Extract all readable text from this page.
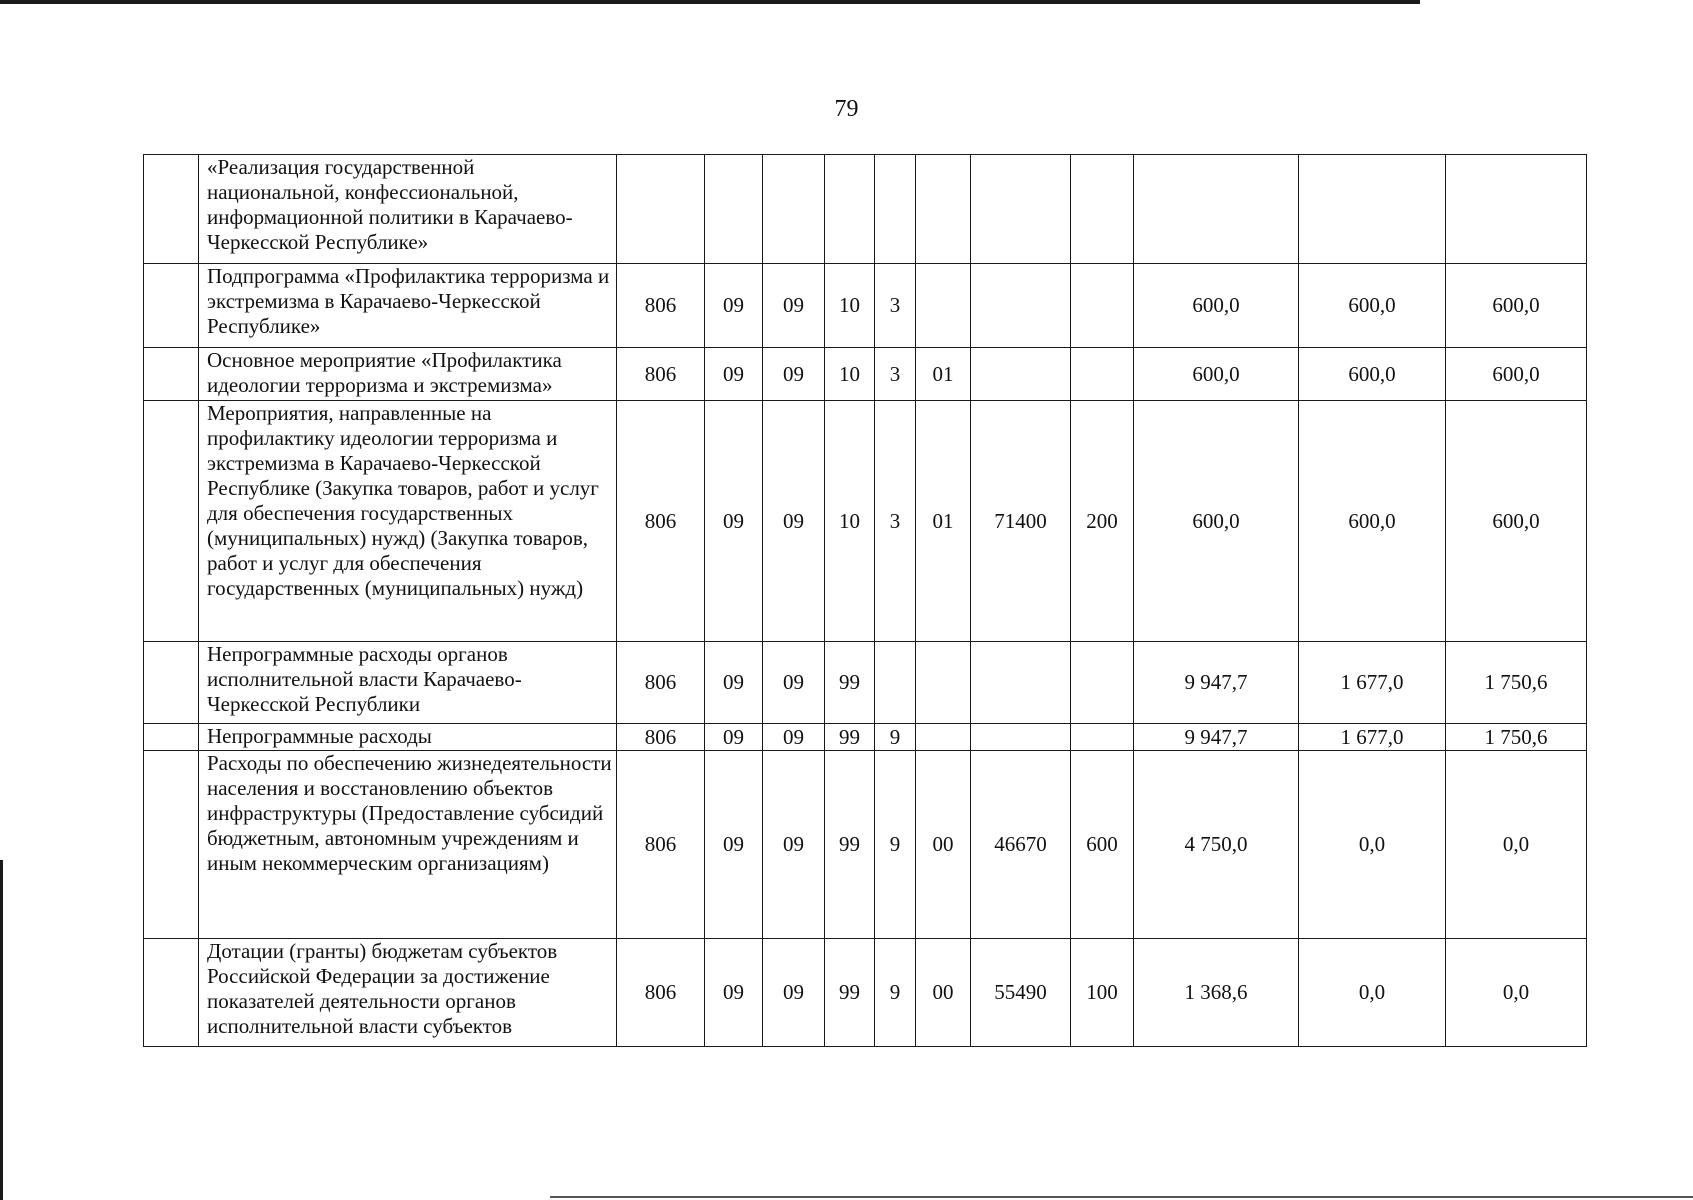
79
	«Реализация государственной национальной, конфессиональной, информационной политики в Карачаево-Черкесской Республике»											
	Подпрограмма «Профилактика терроризма и экстремизма в Карачаево-Черкесской Республике»	806	09	09	10	3				600,0	600,0	600,0
	Основное мероприятие «Профилактика идеологии терроризма и экстремизма»	806	09	09	10	3	01			600,0	600,0	600,0
	Мероприятия, направленные на профилактику идеологии терроризма и экстремизма в Карачаево-Черкесской Республике (Закупка товаров, работ и услуг для обеспечения государственных (муниципальных) нужд) (Закупка товаров, работ и услуг для обеспечения государственных (муниципальных) нужд)	806	09	09	10	3	01	71400	200	600,0	600,0	600,0
	Непрограммные расходы органов исполнительной власти Карачаево-Черкесской Республики	806	09	09	99					9 947,7	1 677,0	1 750,6
	Непрограммные расходы	806	09	09	99	9				9 947,7	1 677,0	1 750,6
	Расходы по обеспечению жизнедеятельности населения и восстановлению объектов инфраструктуры (Предоставление субсидий бюджетным, автономным учреждениям и иным некоммерческим организациям)	806	09	09	99	9	00	46670	600	4 750,0	0,0	0,0
	Дотации (гранты) бюджетам субъектов Российской Федерации за достижение показателей деятельности органов исполнительной власти субъектов	806	09	09	99	9	00	55490	100	1 368,6	0,0	0,0
